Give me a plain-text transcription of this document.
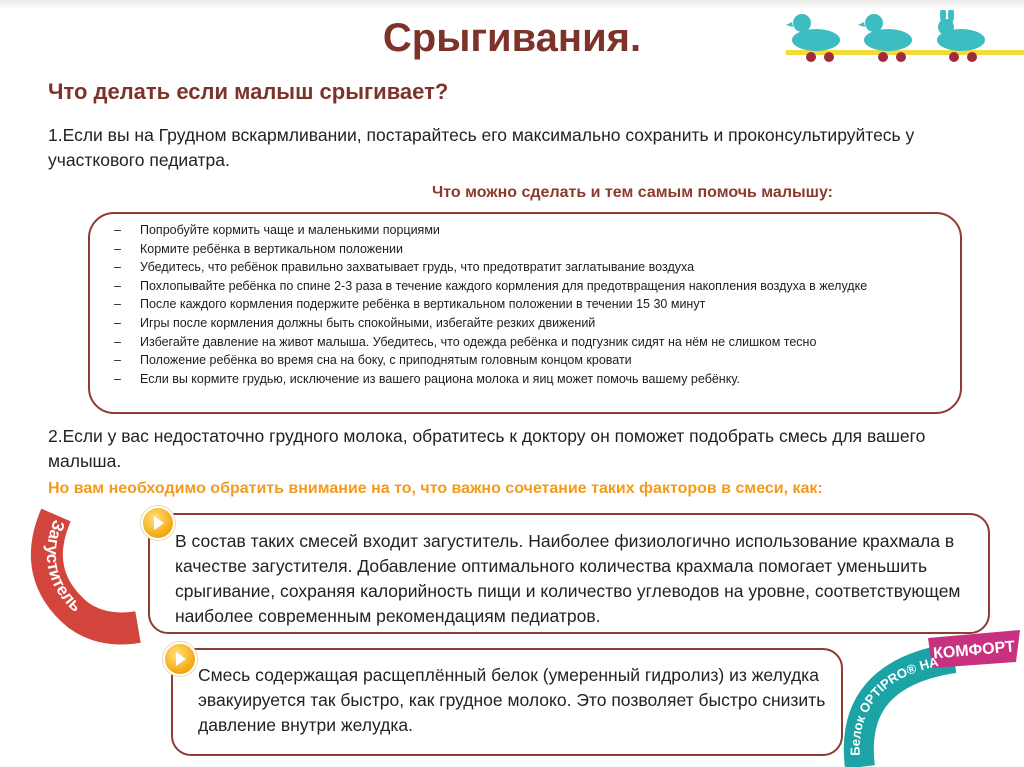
Срыгивания.
Что делать если малыш срыгивает?
1.Если вы на Грудном вскармливании, постарайтесь его максимально сохранить и проконсультируйтесь у участкового педиатра.
Что можно сделать и тем самым помочь малышу:
– Попробуйте кормить чаще и маленькими порциями
– Кормите ребёнка в вертикальном положении
– Убедитесь, что ребёнок правильно захватывает грудь, что предотвратит заглатывание воздуха
– Похлопывайте ребёнка по спине 2-3 раза в течение каждого кормления для предотвращения накопления воздуха в желудке
– После каждого кормления подержите ребёнка в вертикальном положении в течении 15 30 минут
– Игры после кормления должны быть спокойными, избегайте резких движений
– Избегайте давление на живот малыша. Убедитесь, что одежда ребёнка и подгузник сидят на нём не слишком тесно
– Положение ребёнка во время сна на боку, с приподнятым головным концом кровати
– Если вы кормите грудью, исключение из вашего рациона молока и яиц может помочь вашему ребёнку.
2.Если у вас недостаточно грудного молока, обратитесь к доктору он поможет подобрать смесь для вашего малыша.
Но вам необходимо обратить внимание на то, что важно сочетание таких факторов в смеси, как:
Загуститель
В состав таких смесей входит загуститель. Наиболее физиологично использование крахмала в качестве загустителя. Добавление оптимального количества крахмала помогает уменьшить срыгивание, сохраняя калорийность пищи и количество углеводов на уровне, соответствующем наиболее современным рекомендациям педиатров.
Смесь содержащая расщеплённый белок (умеренный гидролиз) из желудка эвакуируется так быстро, как грудное молоко. Это позволяет быстро снизить давление внутри желудка.
КОМФОРТ
Белок OPTIPRO® НА
